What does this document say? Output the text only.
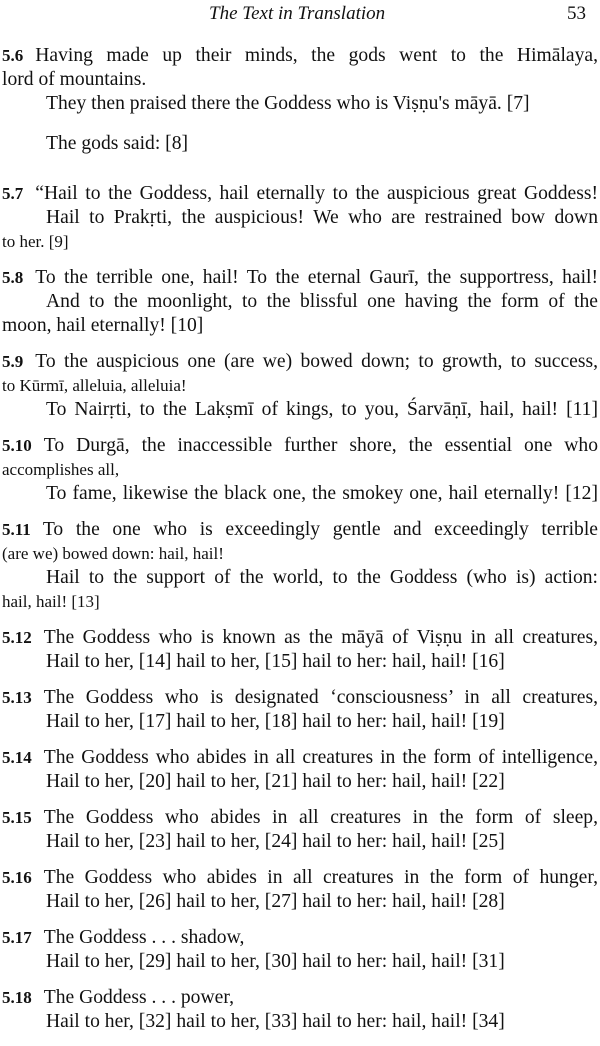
The Text in Translation	53
5.6 Having made up their minds, the gods went to the Himālaya,
lord of mountains.
They then praised there the Goddess who is Viṣṇu's māyā. [7]
The gods said: [8]
5.7 “Hail to the Goddess, hail eternally to the auspicious great Goddess!
Hail to Prakṛti, the auspicious! We who are restrained bow down
to her. [9]
5.8 To the terrible one, hail! To the eternal Gaurī, the supportress, hail!
And to the moonlight, to the blissful one having the form of the
moon, hail eternally! [10]
5.9 To the auspicious one (are we) bowed down; to growth, to success,
to Kūrmī, alleluia, alleluia!
To Nairṛti, to the Lakṣmī of kings, to you, Śarvāṇī, hail, hail! [11]
5.10 To Durgā, the inaccessible further shore, the essential one who
accomplishes all,
To fame, likewise the black one, the smokey one, hail eternally! [12]
5.11 To the one who is exceedingly gentle and exceedingly terrible
(are we) bowed down: hail, hail!
Hail to the support of the world, to the Goddess (who is) action:
hail, hail! [13]
5.12 The Goddess who is known as the māyā of Viṣṇu in all creatures,
Hail to her, [14] hail to her, [15] hail to her: hail, hail! [16]
5.13 The Goddess who is designated ‘consciousness’ in all creatures,
Hail to her, [17] hail to her, [18] hail to her: hail, hail! [19]
5.14 The Goddess who abides in all creatures in the form of intelligence,
Hail to her, [20] hail to her, [21] hail to her: hail, hail! [22]
5.15 The Goddess who abides in all creatures in the form of sleep,
Hail to her, [23] hail to her, [24] hail to her: hail, hail! [25]
5.16 The Goddess who abides in all creatures in the form of hunger,
Hail to her, [26] hail to her, [27] hail to her: hail, hail! [28]
5.17 The Goddess . . . shadow,
Hail to her, [29] hail to her, [30] hail to her: hail, hail! [31]
5.18 The Goddess . . . power,
Hail to her, [32] hail to her, [33] hail to her: hail, hail! [34]
